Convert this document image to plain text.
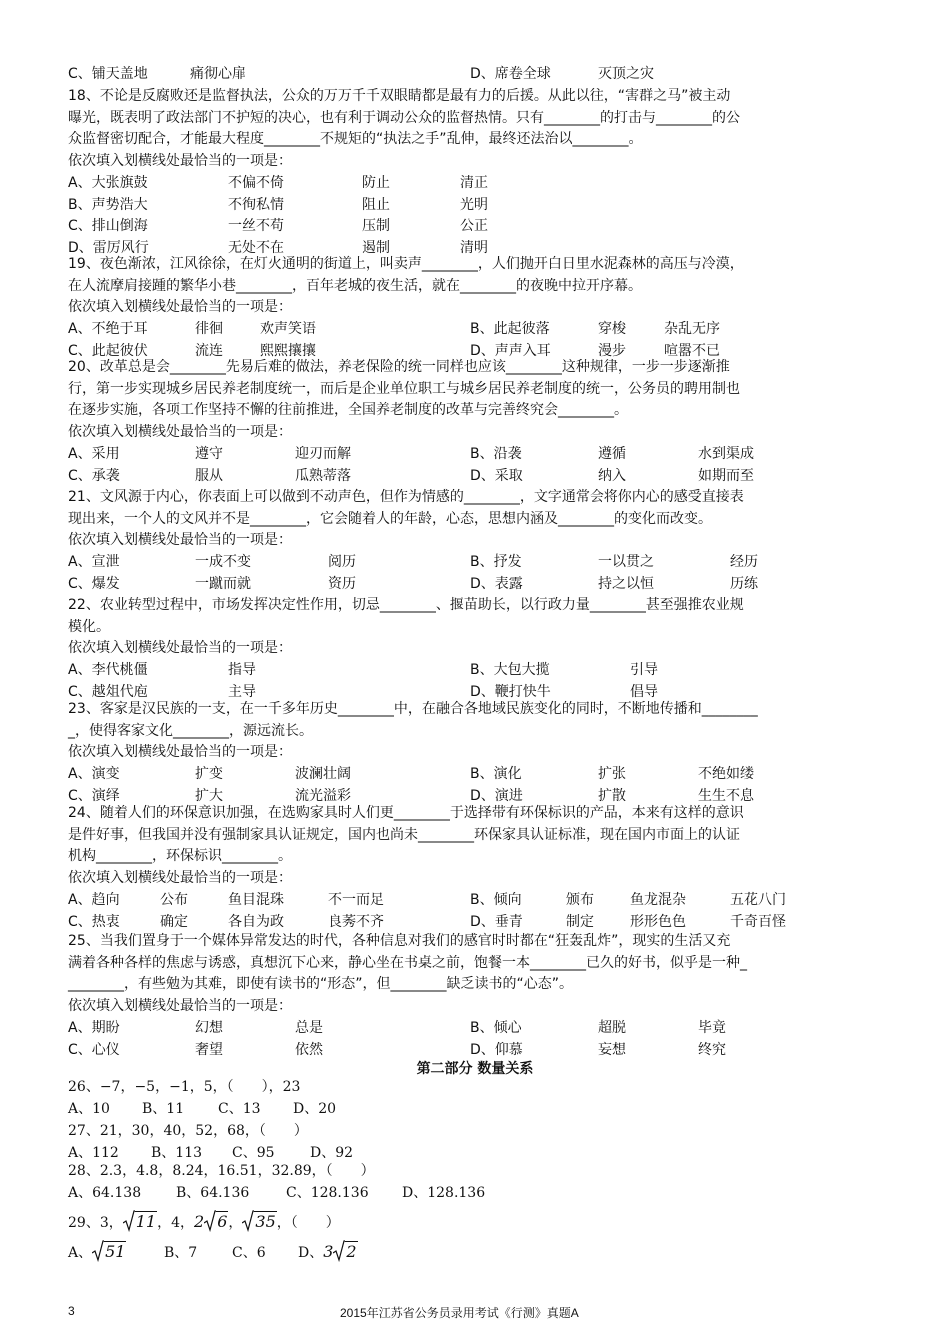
C、铺天盖地	痛彻心扉	D、席卷全球	灭顶之灾
18、不论是反腐败还是监督执法，公众的万万千千双眼睛都是最有力的后援。从此以往，“害群之马”被主动
曝光，既表明了政法部门不护短的决心，也有利于调动公众的监督热情。只有________的打击与________的公
众监督密切配合，才能最大程度________不规矩的“执法之手”乱伸，最终还法治以________。
依次填入划横线处最恰当的一项是：
A、大张旗鼓	不偏不倚	防止	清正
B、声势浩大	不徇私情	阻止	光明
C、排山倒海	一丝不苟	压制	公正
D、雷厉风行	无处不在	遏制	清明
19、夜色渐浓，江风徐徐，在灯火通明的街道上，叫卖声________，人们抛开白日里水泥森林的高压与冷漠，
在人流摩肩接踵的繁华小巷________，百年老城的夜生活，就在________的夜晚中拉开序幕。
依次填入划横线处最恰当的一项是：
A、不绝于耳	徘徊	欢声笑语	B、此起彼落	穿梭	杂乱无序
C、此起彼伏	流连	熙熙攘攘	D、声声入耳	漫步	喧嚣不已
20、改革总是会________先易后难的做法，养老保险的统一同样也应该________这种规律，一步一步逐渐推
行，第一步实现城乡居民养老制度统一，而后是企业单位职工与城乡居民养老制度的统一，公务员的聘用制也
在逐步实施，各项工作坚持不懈的往前推进，全国养老制度的改革与完善终究会________。
依次填入划横线处最恰当的一项是：
A、采用	遵守	迎刃而解	B、沿袭	遵循	水到渠成
C、承袭	服从	瓜熟蒂落	D、采取	纳入	如期而至
21、文风源于内心，你表面上可以做到不动声色，但作为情感的________，文字通常会将你内心的感受直接表
现出来，一个人的文风并不是________，它会随着人的年龄，心态，思想内涵及________的变化而改变。
依次填入划横线处最恰当的一项是：
A、宣泄	一成不变	阅历	B、抒发	一以贯之	经历
C、爆发	一蹴而就	资历	D、表露	持之以恒	历练
22、农业转型过程中，市场发挥决定性作用，切忌________、揠苗助长，以行政力量________甚至强推农业规
模化。
依次填入划横线处最恰当的一项是：
A、李代桃僵	指导	B、大包大揽	引导
C、越俎代庖	主导	D、鞭打快牛	倡导
23、客家是汉民族的一支，在一千多年历史________中，在融合各地域民族变化的同时，不断地传播和________
_，使得客家文化________，源远流长。
依次填入划横线处最恰当的一项是：
A、演变	扩变	波澜壮阔	B、演化	扩张	不绝如缕
C、演绎	扩大	流光溢彩	D、演进	扩散	生生不息
24、随着人们的环保意识加强，在选购家具时人们更________于选择带有环保标识的产品，本来有这样的意识
是件好事，但我国并没有强制家具认证规定，国内也尚未________环保家具认证标准，现在国内市面上的认证
机构________，环保标识________。
依次填入划横线处最恰当的一项是：
A、趋向	公布	鱼目混珠	不一而足	B、倾向	颁布	鱼龙混杂	五花八门
C、热衷	确定	各自为政	良莠不齐	D、垂青	制定	形形色色	千奇百怪
25、当我们置身于一个媒体异常发达的时代，各种信息对我们的感官时时都在“狂轰乱炸”，现实的生活又充
满着各种各样的焦虑与诱惑，真想沉下心来，静心坐在书桌之前，饱餐一本________已久的好书，似乎是一种_
________，有些勉为其难，即使有读书的“形态”，但________缺乏读书的“心态”。
依次填入划横线处最恰当的一项是：
A、期盼	幻想	总是	B、倾心	超脱	毕竟
C、心仪	奢望	依然	D、仰慕	妄想	终究
第二部分 数量关系
26、−7，−5，−1，5，（　　），23
A、10 B、11 C、13 D、20
27、21，30，40，52，68，（　　）
A、112 B、113 C、95	D、92
28、2.3，4.8，8.24，16.51，32.89，（　　）
A、64.138 B、64.136	C、128.136 D、128.136
29、3， 11，4，2 6， 35，（　　）
A、 51	B、7 C、6 D、3 2
3	2015年江苏省公务员录用考试《行测》真题A
